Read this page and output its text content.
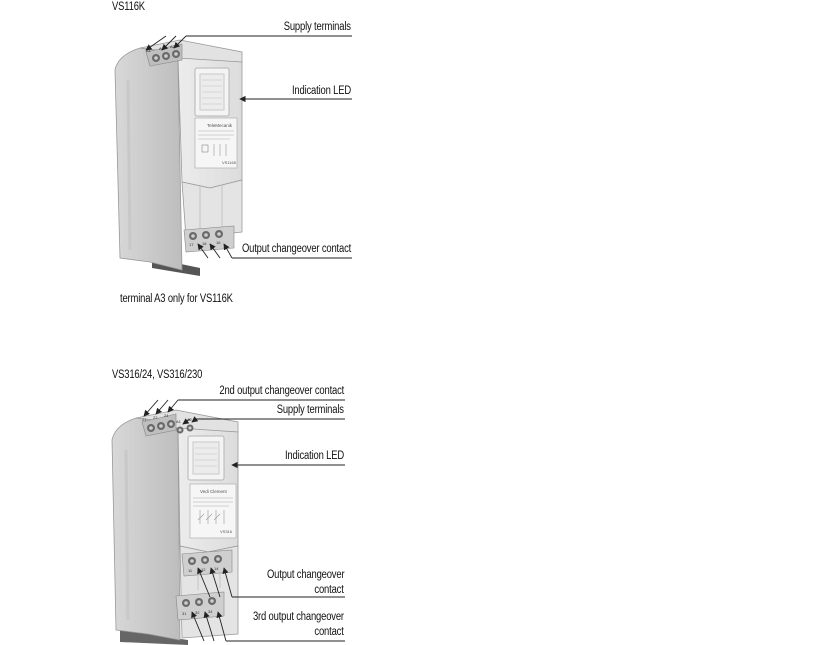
VS116K
Supply terminals
Indication LED
Output changeover contact
terminal A3 only for VS116K
VS316/24, VS316/230
2nd output changeover contact
Supply terminals
Indication LED
Output changeover
contact
3rd output changeover
contact
TeleMecanik
VS116K
A1 A3 A2
17 18 16
Vedi Clement
VS316
21 22 24
A1 A2
11 12 14
31 32 34
